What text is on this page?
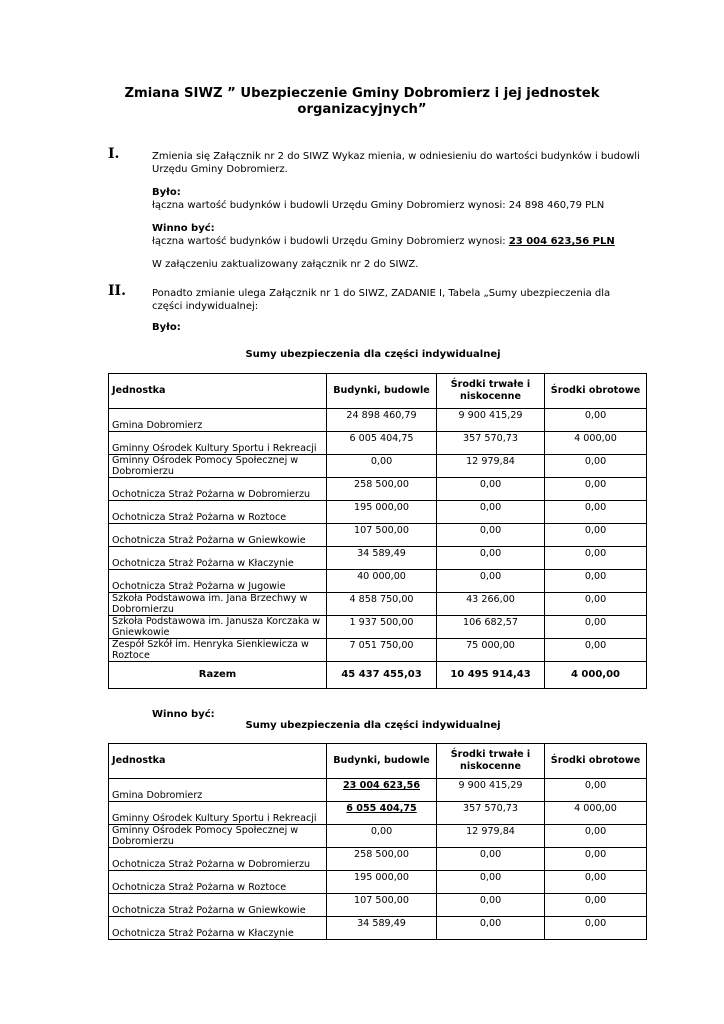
Zmiana SIWZ ” Ubezpieczenie Gminy Dobromierz i jej jednostek
organizacyjnych”
I.	Zmienia się Załącznik nr 2 do SIWZ Wykaz mienia, w odniesieniu do wartości budynków i budowli Urzędu Gminy Dobromierz.
Było:
łączna wartość budynków i budowli Urzędu Gminy Dobromierz wynosi: 24 898 460,79 PLN
Winno być:
łączna wartość budynków i budowli Urzędu Gminy Dobromierz wynosi: 23 004 623,56 PLN
W załączeniu zaktualizowany załącznik nr 2 do SIWZ.
II.	Ponadto zmianie ulega Załącznik nr 1 do SIWZ, ZADANIE I, Tabela „Sumy ubezpieczenia dla części indywidualnej:
Było:
Sumy ubezpieczenia dla części indywidualnej
Jednostka	Budynki, budowle	Środki trwałe i niskocenne	Środki obrotowe
Gmina Dobromierz	24 898 460,79	9 900 415,29	0,00
Gminny Ośrodek Kultury Sportu i Rekreacji	6 005 404,75	357 570,73	4 000,00
Gminny Ośrodek Pomocy Społecznej w Dobromierzu	0,00	12 979,84	0,00
Ochotnicza Straż Pożarna w Dobromierzu	258 500,00	0,00	0,00
Ochotnicza Straż Pożarna w Roztoce	195 000,00	0,00	0,00
Ochotnicza Straż Pożarna w Gniewkowie	107 500,00	0,00	0,00
Ochotnicza Straż Pożarna w Kłaczynie	34 589,49	0,00	0,00
Ochotnicza Straż Pożarna w Jugowie	40 000,00	0,00	0,00
Szkoła Podstawowa im. Jana Brzechwy w Dobromierzu	4 858 750,00	43 266,00	0,00
Szkoła Podstawowa im. Janusza Korczaka w Gniewkowie	1 937 500,00	106 682,57	0,00
Zespół Szkół im. Henryka Sienkiewicza w Roztoce	7 051 750,00	75 000,00	0,00
Razem	45 437 455,03	10 495 914,43	4 000,00
Winno być:
Sumy ubezpieczenia dla części indywidualnej
Jednostka	Budynki, budowle	Środki trwałe i niskocenne	Środki obrotowe
Gmina Dobromierz	23 004 623,56	9 900 415,29	0,00
Gminny Ośrodek Kultury Sportu i Rekreacji	6 055 404,75	357 570,73	4 000,00
Gminny Ośrodek Pomocy Społecznej w Dobromierzu	0,00	12 979,84	0,00
Ochotnicza Straż Pożarna w Dobromierzu	258 500,00	0,00	0,00
Ochotnicza Straż Pożarna w Roztoce	195 000,00	0,00	0,00
Ochotnicza Straż Pożarna w Gniewkowie	107 500,00	0,00	0,00
Ochotnicza Straż Pożarna w Kłaczynie	34 589,49	0,00	0,00
